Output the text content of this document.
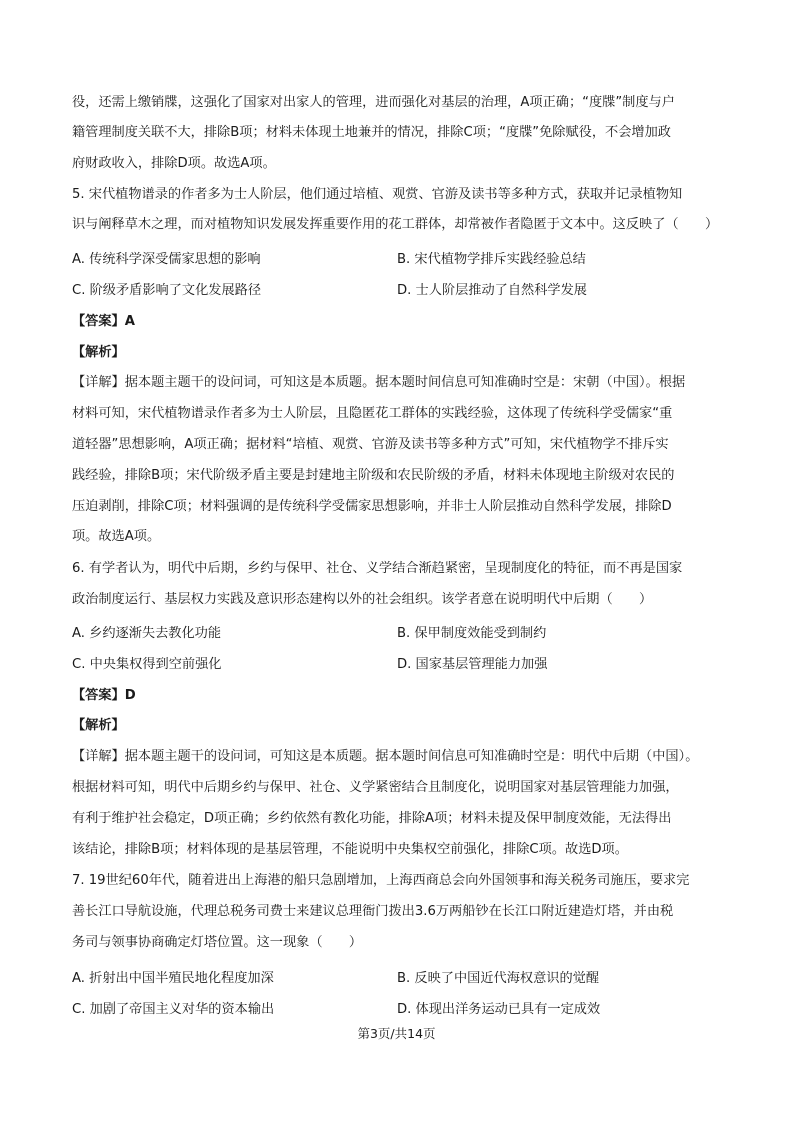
役，还需上缴销牒，这强化了国家对出家人的管理，进而强化对基层的治理，A项正确；“度牒”制度与户
籍管理制度关联不大，排除B项；材料未体现土地兼并的情况，排除C项；“度牒”免除赋役，不会增加政
府财政收入，排除D项。故选A项。
5. 宋代植物谱录的作者多为士人阶层，他们通过培植、观赏、官游及读书等多种方式，获取并记录植物知
识与阐释草木之理，而对植物知识发展发挥重要作用的花工群体，却常被作者隐匿于文本中。这反映了（　　）
【答案】A
【解析】
【详解】据本题主题干的设问词，可知这是本质题。据本题时间信息可知准确时空是：宋朝（中国）。根据
材料可知，宋代植物谱录作者多为士人阶层，且隐匿花工群体的实践经验，这体现了传统科学受儒家“重
道轻器”思想影响，A项正确；据材料“培植、观赏、官游及读书等多种方式”可知，宋代植物学不排斥实
践经验，排除B项；宋代阶级矛盾主要是封建地主阶级和农民阶级的矛盾，材料未体现地主阶级对农民的
压迫剥削，排除C项；材料强调的是传统科学受儒家思想影响，并非士人阶层推动自然科学发展，排除D
项。故选A项。
6. 有学者认为，明代中后期，乡约与保甲、社仓、义学结合渐趋紧密，呈现制度化的特征，而不再是国家
政治制度运行、基层权力实践及意识形态建构以外的社会组织。该学者意在说明明代中后期（　　）
【答案】D
【解析】
【详解】据本题主题干的设问词，可知这是本质题。据本题时间信息可知准确时空是：明代中后期（中国）。
根据材料可知，明代中后期乡约与保甲、社仓、义学紧密结合且制度化，说明国家对基层管理能力加强，
有利于维护社会稳定，D项正确；乡约依然有教化功能，排除A项；材料未提及保甲制度效能，无法得出
该结论，排除B项；材料体现的是基层管理，不能说明中央集权空前强化，排除C项。故选D项。
7. 19世纪60年代，随着进出上海港的船只急剧增加，上海西商总会向外国领事和海关税务司施压，要求完
善长江口导航设施，代理总税务司费士来建议总理衙门拨出3.6万两船钞在长江口附近建造灯塔，并由税
务司与领事协商确定灯塔位置。这一现象（　　）
A. 传统科学深受儒家思想的影响	B. 宋代植物学排斥实践经验总结
C. 阶级矛盾影响了文化发展路径	D. 士人阶层推动了自然科学发展
A. 乡约逐渐失去教化功能	B. 保甲制度效能受到制约
C. 中央集权得到空前强化	D. 国家基层管理能力加强
A. 折射出中国半殖民地化程度加深	B. 反映了中国近代海权意识的觉醒
C. 加剧了帝国主义对华的资本输出	D. 体现出洋务运动已具有一定成效
第3页/共14页
